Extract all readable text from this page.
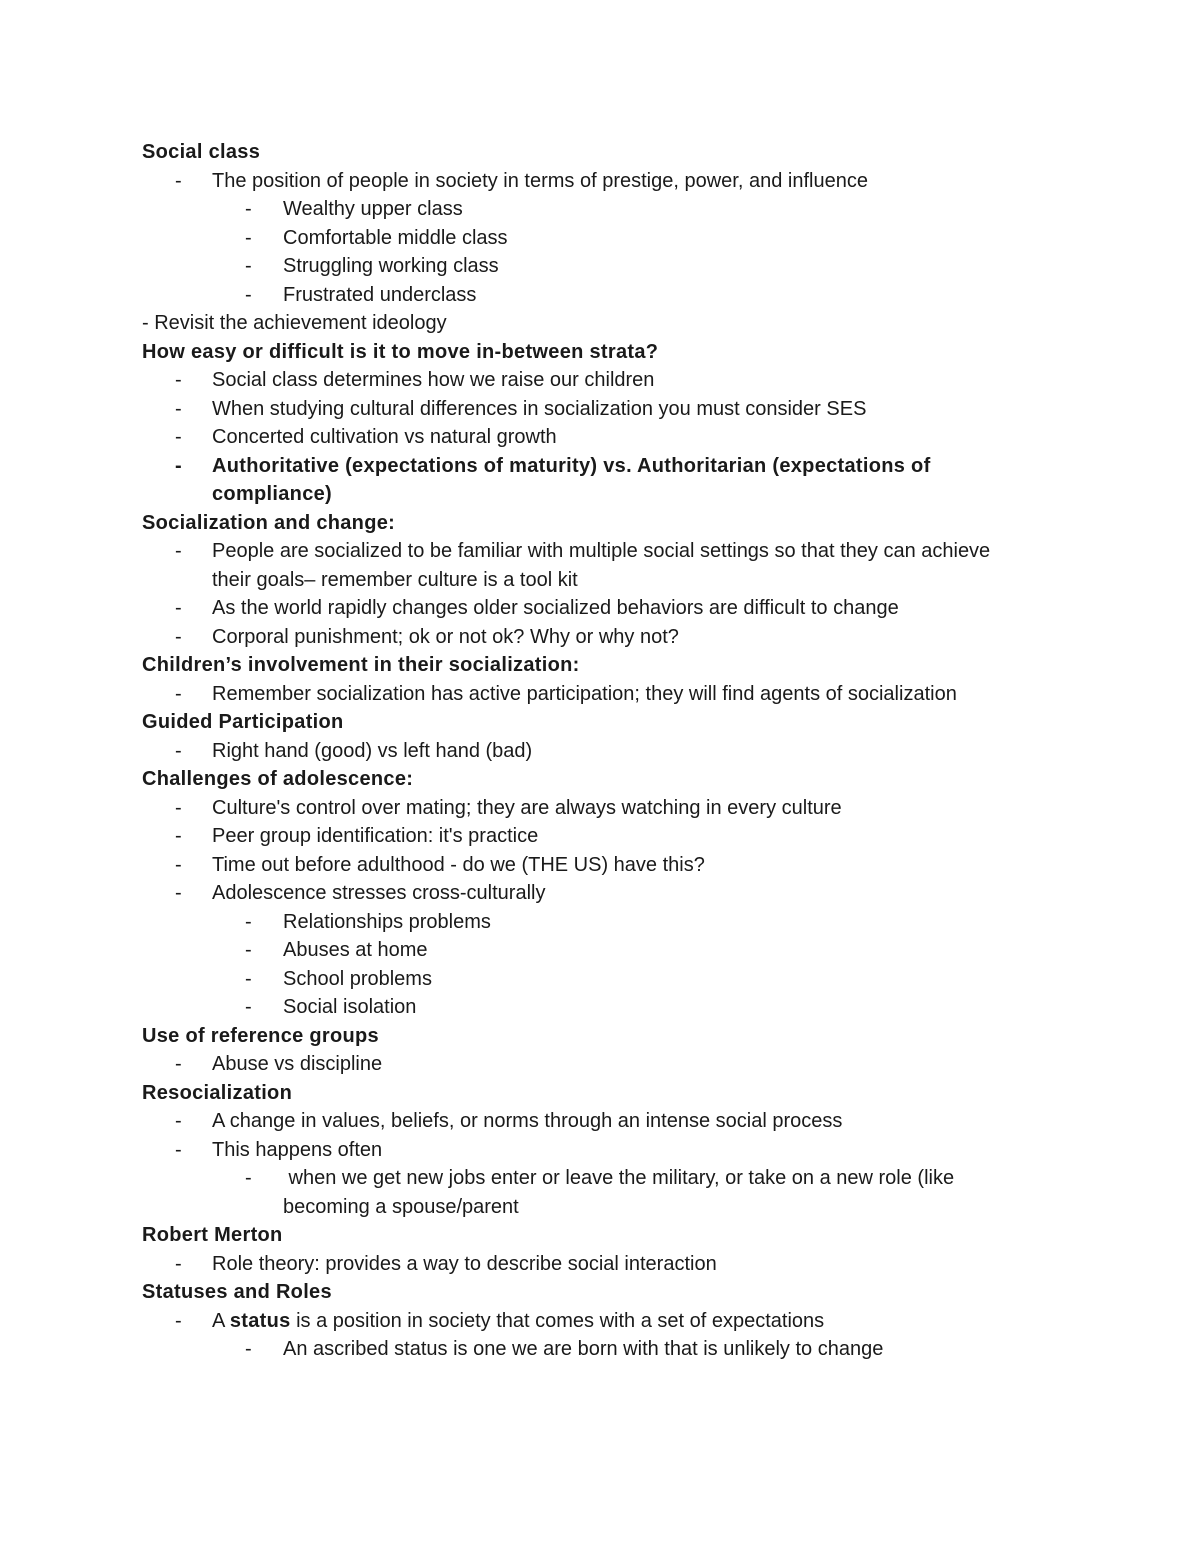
Social class
-	The position of people in society in terms of prestige, power, and influence
-	Wealthy upper class
-	Comfortable middle class
-	Struggling working class
-	Frustrated underclass
- Revisit the achievement ideology
How easy or difficult is it to move in-between strata?
-	Social class determines how we raise our children
-	When studying cultural differences in socialization you must consider SES
-	Concerted cultivation vs natural growth
-	Authoritative (expectations of maturity) vs. Authoritarian (expectations of
compliance)
Socialization and change:
-	People are socialized to be familiar with multiple social settings so that they can achieve
their goals– remember culture is a tool kit
-	As the world rapidly changes older socialized behaviors are difficult to change
-	Corporal punishment; ok or not ok? Why or why not?
Children’s involvement in their socialization:
-	Remember socialization has active participation; they will find agents of socialization
Guided Participation
-	Right hand (good) vs left hand (bad)
Challenges of adolescence:
-	Culture's control over mating; they are always watching in every culture
-	Peer group identification: it's practice
-	Time out before adulthood - do we (THE US) have this?
-	Adolescence stresses cross-culturally
-	Relationships problems
-	Abuses at home
-	School problems
-	Social isolation
Use of reference groups
-	Abuse vs discipline
Resocialization
-	A change in values, beliefs, or norms through an intense social process
-	This happens often
-	when we get new jobs enter or leave the military, or take on a new role (like
becoming a spouse/parent
Robert Merton
-	Role theory: provides a way to describe social interaction
Statuses and Roles
-	A status is a position in society that comes with a set of expectations
-	An ascribed status is one we are born with that is unlikely to change
